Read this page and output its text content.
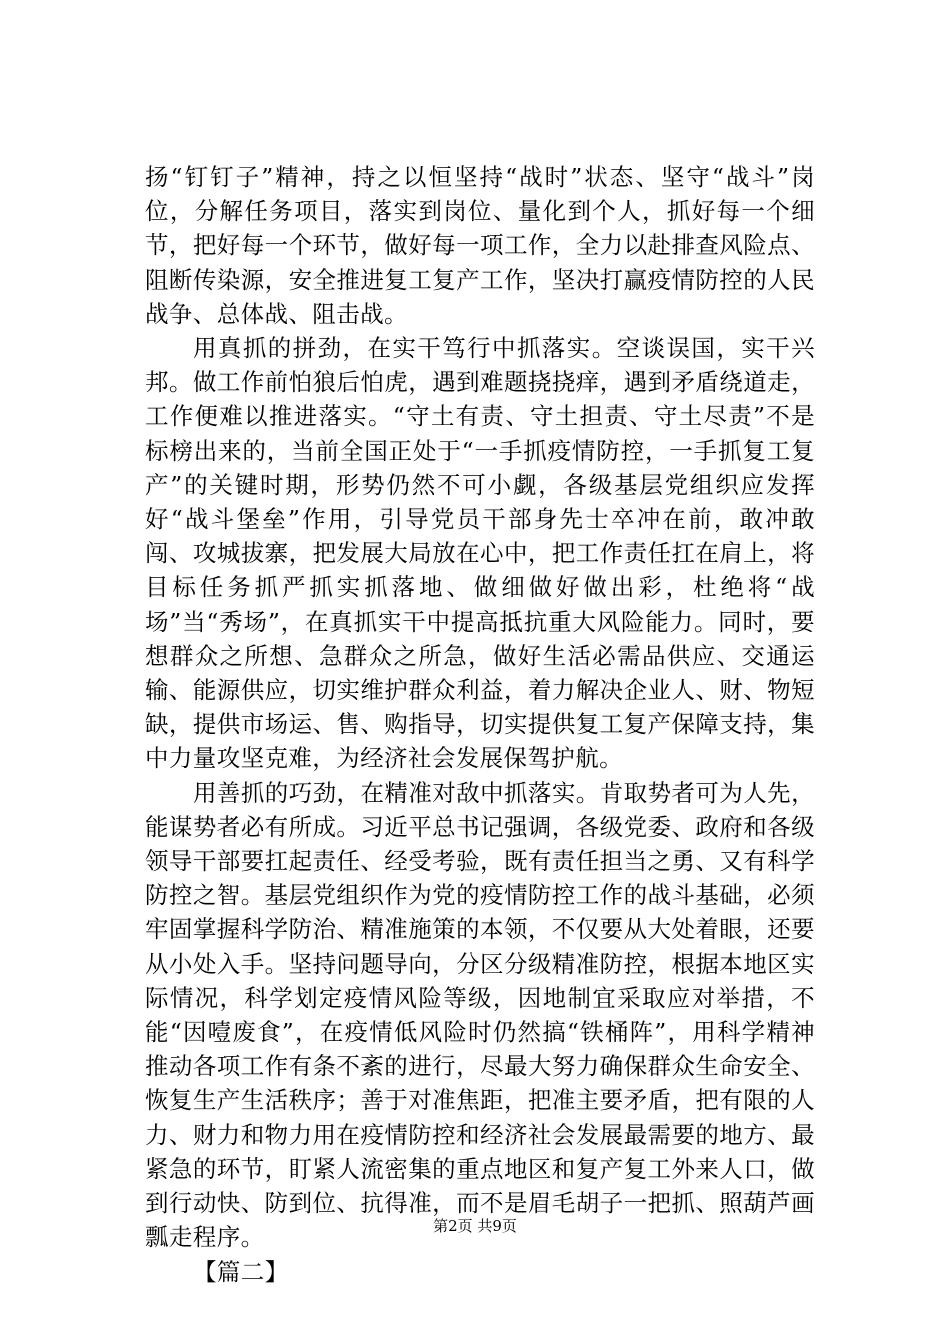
扬“钉钉子”精神，持之以恒坚持“战时”状态、坚守“战斗”岗位，分解任务项目，落实到岗位、量化到个人，抓好每一个细节，把好每一个环节，做好每一项工作，全力以赴排查风险点、阻断传染源，安全推进复工复产工作，坚决打赢疫情防控的人民战争、总体战、阻击战。

用真抓的拼劲，在实干笃行中抓落实。空谈误国，实干兴邦。做工作前怕狼后怕虎，遇到难题挠挠痒，遇到矛盾绕道走，工作便难以推进落实。“守土有责、守土担责、守土尽责”不是标榜出来的，当前全国正处于“一手抓疫情防控，一手抓复工复产”的关键时期，形势仍然不可小觑，各级基层党组织应发挥好“战斗堡垒”作用，引导党员干部身先士卒冲在前，敢冲敢闯、攻城拔寨，把发展大局放在心中，把工作责任扛在肩上，将目标任务抓严抓实抓落地、做细做好做出彩，杜绝将“战场”当“秀场”，在真抓实干中提高抵抗重大风险能力。同时，要想群众之所想、急群众之所急，做好生活必需品供应、交通运输、能源供应，切实维护群众利益，着力解决企业人、财、物短缺，提供市场运、售、购指导，切实提供复工复产保障支持，集中力量攻坚克难，为经济社会发展保驾护航。

用善抓的巧劲，在精准对敌中抓落实。肯取势者可为人先，能谋势者必有所成。习近平总书记强调，各级党委、政府和各级领导干部要扛起责任、经受考验，既有责任担当之勇、又有科学防控之智。基层党组织作为党的疫情防控工作的战斗基础，必须牢固掌握科学防治、精准施策的本领，不仅要从大处着眼，还要从小处入手。坚持问题导向，分区分级精准防控，根据本地区实际情况，科学划定疫情风险等级，因地制宜采取应对举措，不能“因噎废食”，在疫情低风险时仍然搞“铁桶阵”，用科学精神推动各项工作有条不紊的进行，尽最大努力确保群众生命安全、恢复生产生活秩序；善于对准焦距，把准主要矛盾，把有限的人力、财力和物力用在疫情防控和经济社会发展最需要的地方、最紧急的环节，盯紧人流密集的重点地区和复产复工外来人口，做到行动快、防到位、抗得准，而不是眉毛胡子一把抓、照葫芦画瓢走程序。

【篇二】

第2页 共9页
